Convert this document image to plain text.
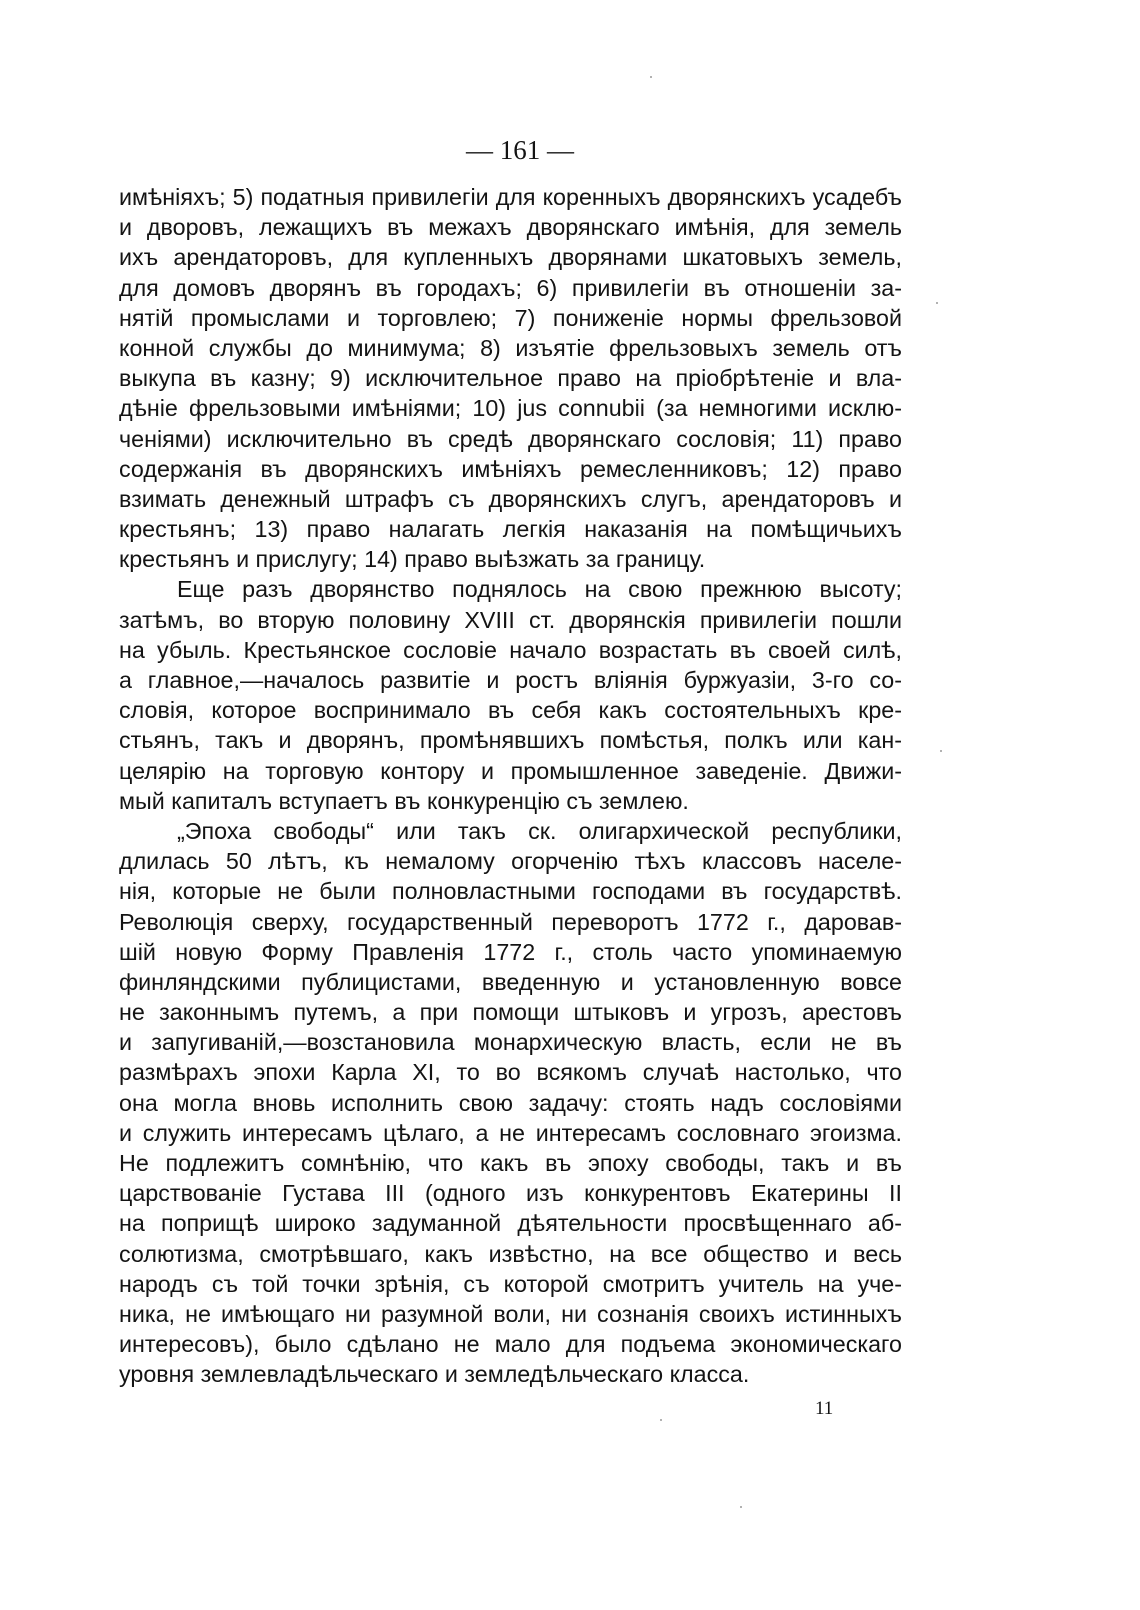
— 161 —
имѣніяхъ; 5) податныя привилегіи для коренныхъ дворянскихъ усадебъ
и дворовъ, лежащихъ въ межахъ дворянскаго имѣнія, для земель
ихъ арендаторовъ, для купленныхъ дворянами шкатовыхъ земель,
для домовъ дворянъ въ городахъ; 6) привилегіи въ отношеніи за-
нятій промыслами и торговлею; 7) пониженіе нормы фрельзовой
конной службы до минимума; 8) изъятіе фрельзовыхъ земель отъ
выкупа въ казну; 9) исключительное право на пріобрѣтеніе и вла-
дѣніе фрельзовыми имѣніями; 10) jus connubii (за немногими исклю-
ченіями) исключительно въ средѣ дворянскаго сословія; 11) право
содержанія въ дворянскихъ имѣніяхъ ремесленниковъ; 12) право
взимать денежный штрафъ съ дворянскихъ слугъ, арендаторовъ и
крестьянъ; 13) право налагать легкія наказанія на помѣщичьихъ
крестьянъ и прислугу; 14) право выѣзжать за границу.
Еще разъ дворянство поднялось на свою прежнюю высоту;
затѣмъ, во вторую половину XVIII ст. дворянскія привилегіи пошли
на убыль. Крестьянское сословіе начало возрастать въ своей силѣ,
а главное,—началось развитіе и ростъ вліянія буржуазіи, 3-го со-
словія, которое воспринимало въ себя какъ состоятельныхъ кре-
стьянъ, такъ и дворянъ, промѣнявшихъ помѣстья, полкъ или кан-
целярію на торговую контору и промышленное заведеніе. Движи-
мый капиталъ вступаетъ въ конкуренцію съ землею.
„Эпоха свободы“ или такъ ск. олигархической республики,
длилась 50 лѣтъ, къ немалому огорченію тѣхъ классовъ населе-
нія, которые не были полновластными господами въ государствѣ.
Революція сверху, государственный переворотъ 1772 г., даровав-
шій новую Форму Правленія 1772 г., столь часто упоминаемую
финляндскими публицистами, введенную и установленную вовсе
не законнымъ путемъ, а при помощи штыковъ и угрозъ, арестовъ
и запугиваній,—возстановила монархическую власть, если не въ
размѣрахъ эпохи Карла XI, то во всякомъ случаѣ настолько, что
она могла вновь исполнить свою задачу: стоять надъ сословіями
и служить интересамъ цѣлаго, а не интересамъ сословнаго эгоизма.
Не подлежитъ сомнѣнію, что какъ въ эпоху свободы, такъ и въ
царствованіе Густава III (одного изъ конкурентовъ Екатерины II
на поприщѣ широко задуманной дѣятельности просвѣщеннаго аб-
солютизма, смотрѣвшаго, какъ извѣстно, на все общество и весь
народъ съ той точки зрѣнія, съ которой смотритъ учитель на уче-
ника, не имѣющаго ни разумной воли, ни сознанія своихъ истинныхъ
интересовъ), было сдѣлано не мало для подъема экономическаго
уровня землевладѣльческаго и земледѣльческаго класса.
11
